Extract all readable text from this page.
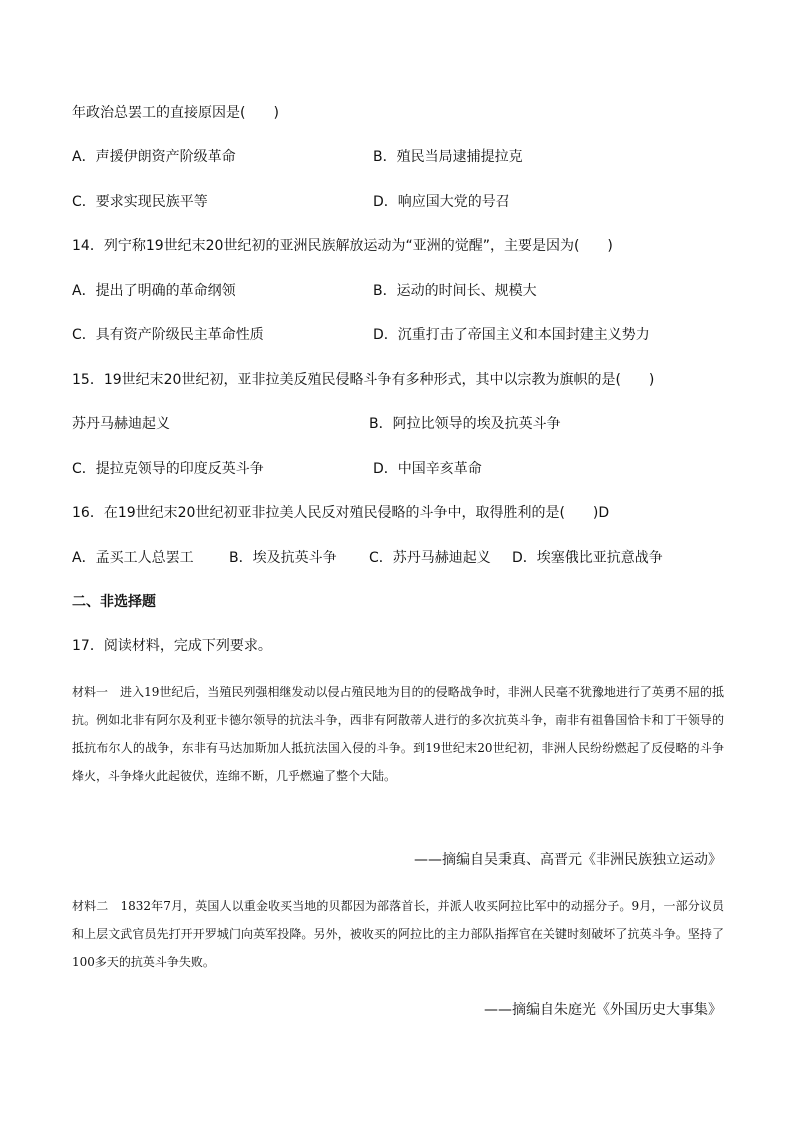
年政治总罢工的直接原因是(　　)
A．声援伊朗资产阶级革命	B．殖民当局逮捕提拉克
C．要求实现民族平等	D．响应国大党的号召
14．列宁称19世纪末20世纪初的亚洲民族解放运动为“亚洲的觉醒”，主要是因为(　　)
A．提出了明确的革命纲领	B．运动的时间长、规模大
C．具有资产阶级民主革命性质	D．沉重打击了帝国主义和本国封建主义势力
15．19世纪末20世纪初，亚非拉美反殖民侵略斗争有多种形式，其中以宗教为旗帜的是(　　)
苏丹马赫迪起义	B．阿拉比领导的埃及抗英斗争
C．提拉克领导的印度反英斗争	D．中国辛亥革命
16．在19世纪末20世纪初亚非拉美人民反对殖民侵略的斗争中，取得胜利的是(　　)D
A．孟买工人总罢工	B．埃及抗英斗争 C．苏丹马赫迪起义 D．埃塞俄比亚抗意战争
二、非选择题
17．阅读材料，完成下列要求。
材料一　进入19世纪后，当殖民列强相继发动以侵占殖民地为目的的侵略战争时，非洲人民毫不犹豫地进行了英勇不屈的抵抗。例如北非有阿尔及利亚卡德尔领导的抗法斗争，西非有阿散蒂人进行的多次抗英斗争，南非有祖鲁国恰卡和丁干领导的抵抗布尔人的战争，东非有马达加斯加人抵抗法国入侵的斗争。到19世纪末20世纪初，非洲人民纷纷燃起了反侵略的斗争烽火，斗争烽火此起彼伏，连绵不断，几乎燃遍了整个大陆。
——摘编自吴秉真、高晋元《非洲民族独立运动》
材料二　1832年7月，英国人以重金收买当地的贝都因为部落首长，并派人收买阿拉比军中的动摇分子。9月，一部分议员和上层文武官员先打开开罗城门向英军投降。另外，被收买的阿拉比的主力部队指挥官在关键时刻破坏了抗英斗争。坚持了100多天的抗英斗争失败。
——摘编自朱庭光《外国历史大事集》
